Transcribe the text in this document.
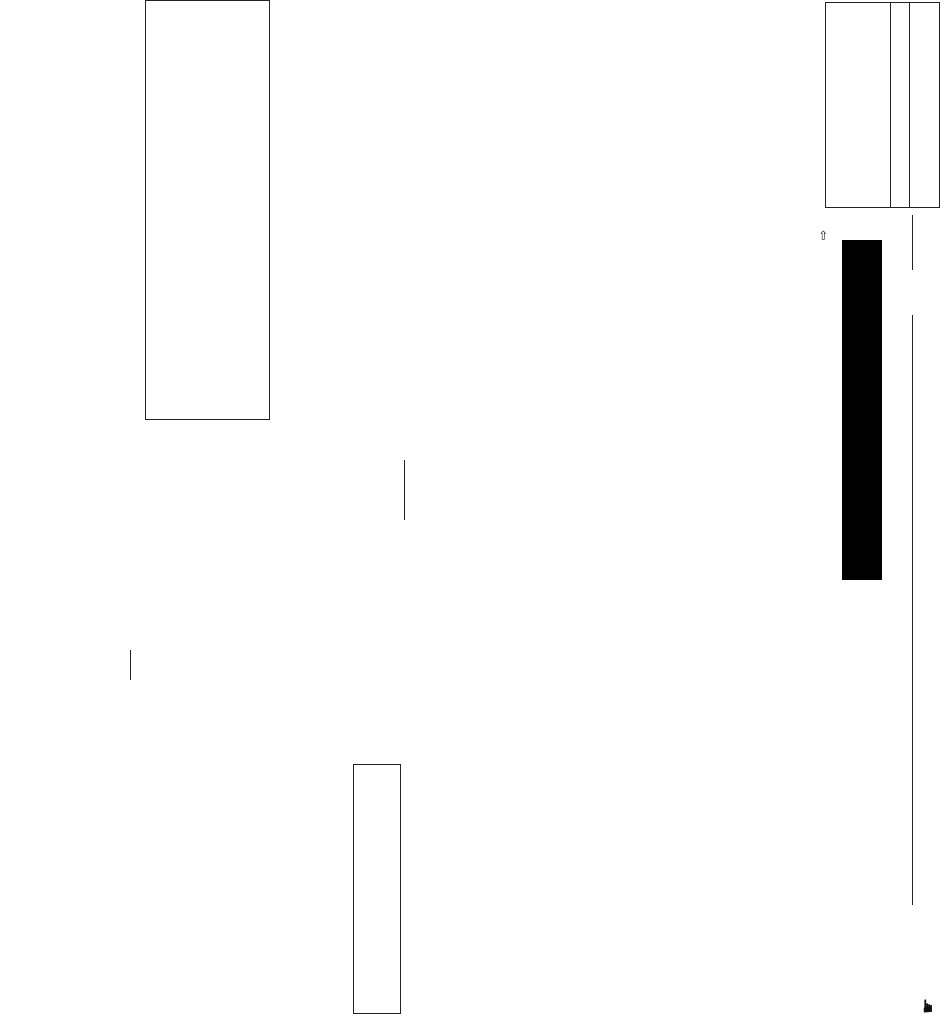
⇨
☛
